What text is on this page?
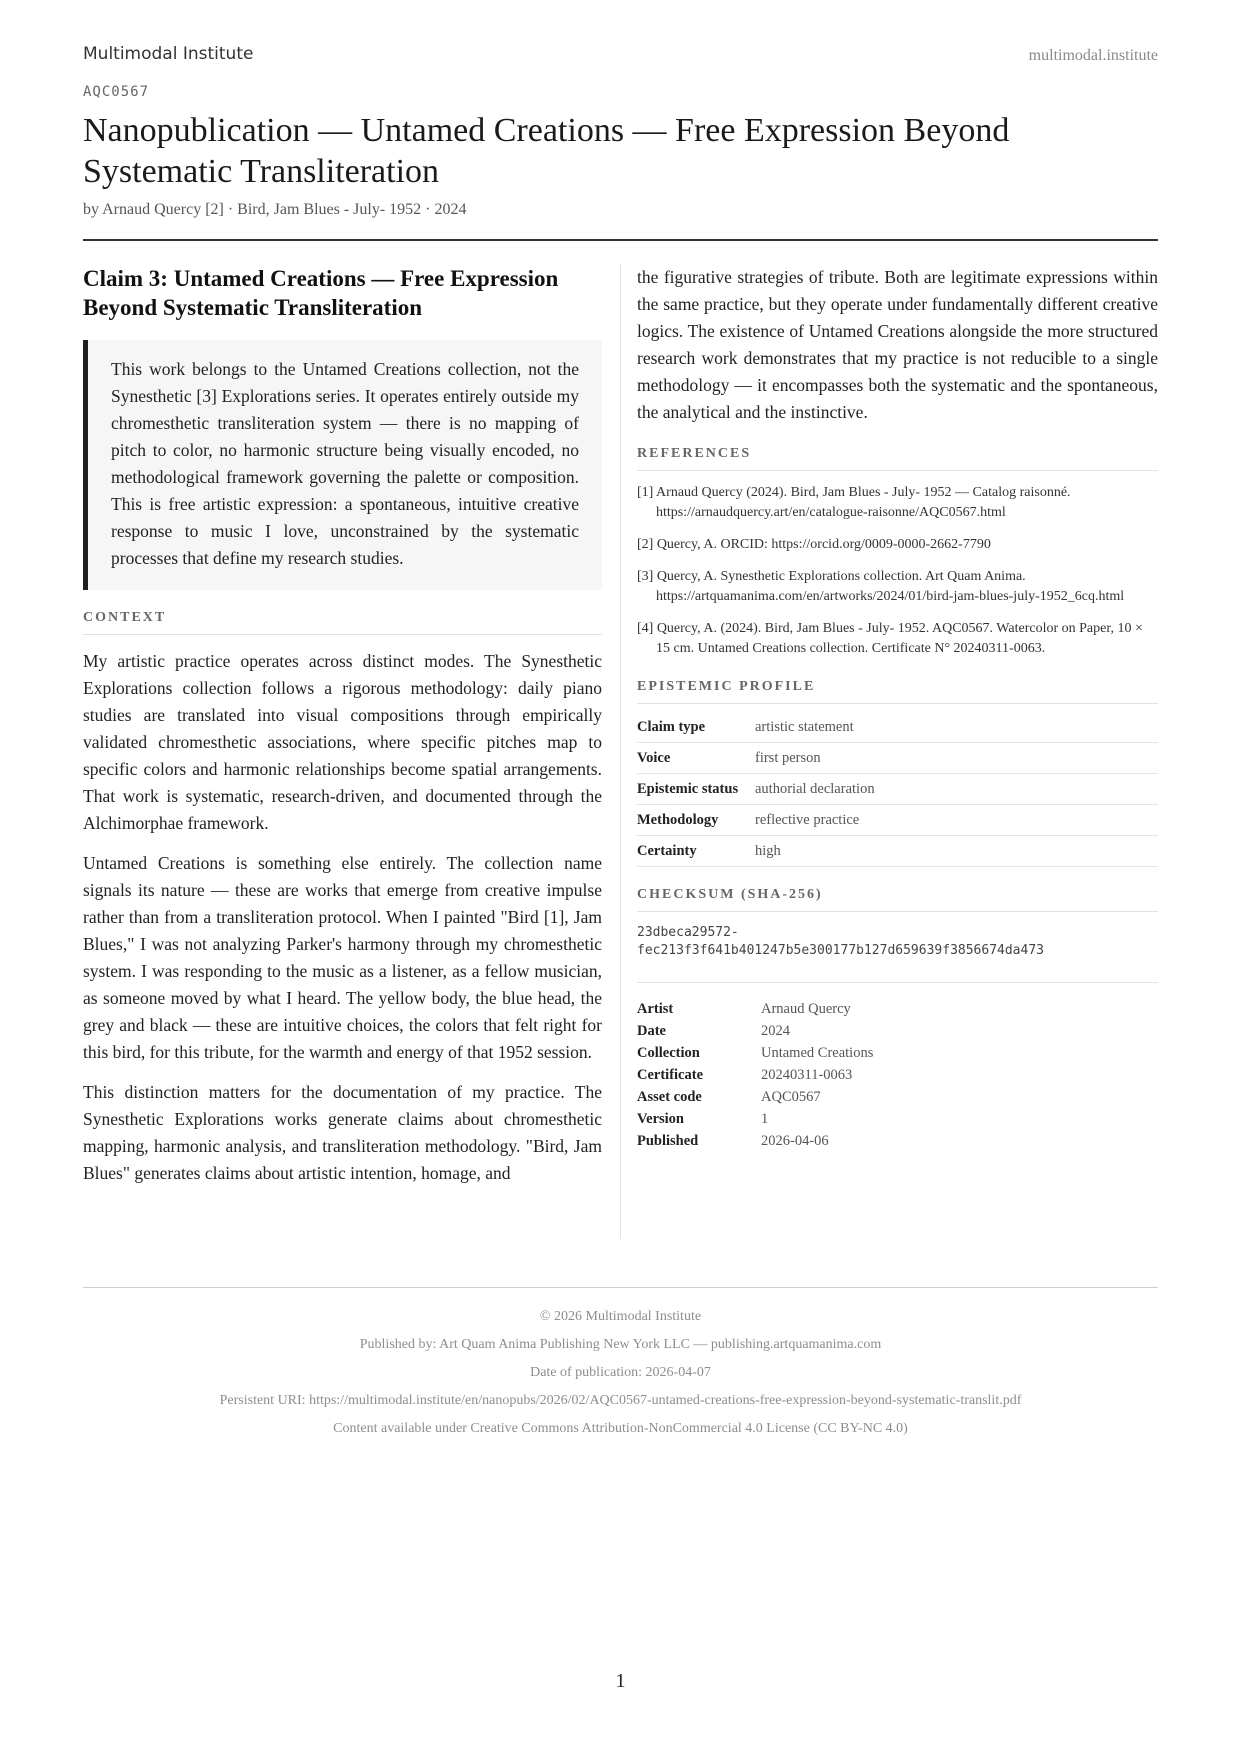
Multimodal Institute	multimodal.institute
AQC0567
Nanopublication — Untamed Creations — Free Expression Beyond Systematic Transliteration
by Arnaud Quercy [2] · Bird, Jam Blues - July- 1952 · 2024
Claim 3: Untamed Creations — Free Expression Beyond Systematic Transliteration
This work belongs to the Untamed Creations collection, not the Synesthetic [3] Explorations series. It operates entirely outside my chromesthetic transliteration system — there is no mapping of pitch to color, no harmonic structure being visually encoded, no methodological framework governing the palette or composition. This is free artistic expression: a spontaneous, intuitive creative response to music I love, unconstrained by the systematic processes that define my research studies.
CONTEXT

My artistic practice operates across distinct modes. The Synesthetic Explorations collection follows a rigorous methodology: daily piano studies are translated into visual compositions through empirically validated chromesthetic associations, where specific pitches map to specific colors and harmonic relationships become spatial arrangements. That work is systematic, research-driven, and documented through the Alchimorphae framework.

Untamed Creations is something else entirely. The collection name signals its nature — these are works that emerge from creative impulse rather than from a transliteration protocol. When I painted "Bird [1], Jam Blues," I was not analyzing Parker's harmony through my chromesthetic system. I was responding to the music as a listener, as a fellow musician, as someone moved by what I heard. The yellow body, the blue head, the grey and black — these are intuitive choices, the colors that felt right for this bird, for this tribute, for the warmth and energy of that 1952 session.

This distinction matters for the documentation of my practice. The Synesthetic Explorations works generate claims about chromesthetic mapping, harmonic analysis, and transliteration methodology. "Bird, Jam Blues" generates claims about artistic intention, homage, and

the figurative strategies of tribute. Both are legitimate expressions within the same practice, but they operate under fundamentally different creative logics. The existence of Untamed Creations alongside the more structured research work demonstrates that my practice is not reducible to a single methodology — it encompasses both the systematic and the spontaneous, the analytical and the instinctive.

REFERENCES
[1] Arnaud Quercy (2024). Bird, Jam Blues - July- 1952 — Catalog raisonné. https://arnaudquercy.art/en/catalogue-raisonne/AQC0567.html
[2] Quercy, A. ORCID: https://orcid.org/0009-0000-2662-7790
[3] Quercy, A. Synesthetic Explorations collection. Art Quam Anima. https://artquamanima.com/en/artworks/2024/01/bird-jam-blues-july-1952_6cq.html
[4] Quercy, A. (2024). Bird, Jam Blues - July- 1952. AQC0567. Watercolor on Paper, 10 × 15 cm. Untamed Creations collection. Certificate N° 20240311-0063.
EPISTEMIC PROFILE
Claim type	artistic statement
Voice	first person
Epistemic status	authorial declaration
Methodology	reflective practice
Certainty	high
CHECKSUM (SHA-256)
23dbeca29572-
fec213f3f641b401247b5e300177b127d659639f3856674da473
Artist	Arnaud Quercy
Date	2024
Collection	Untamed Creations
Certificate	20240311-0063
Asset code	AQC0567
Version	1
Published	2026-04-06
© 2026 Multimodal Institute
Published by: Art Quam Anima Publishing New York LLC — publishing.artquamanima.com
Date of publication: 2026-04-07
Persistent URI: https://multimodal.institute/en/nanopubs/2026/02/AQC0567-untamed-creations-free-expression-beyond-systematic-translit.pdf
Content available under Creative Commons Attribution-NonCommercial 4.0 License (CC BY-NC 4.0)
1
